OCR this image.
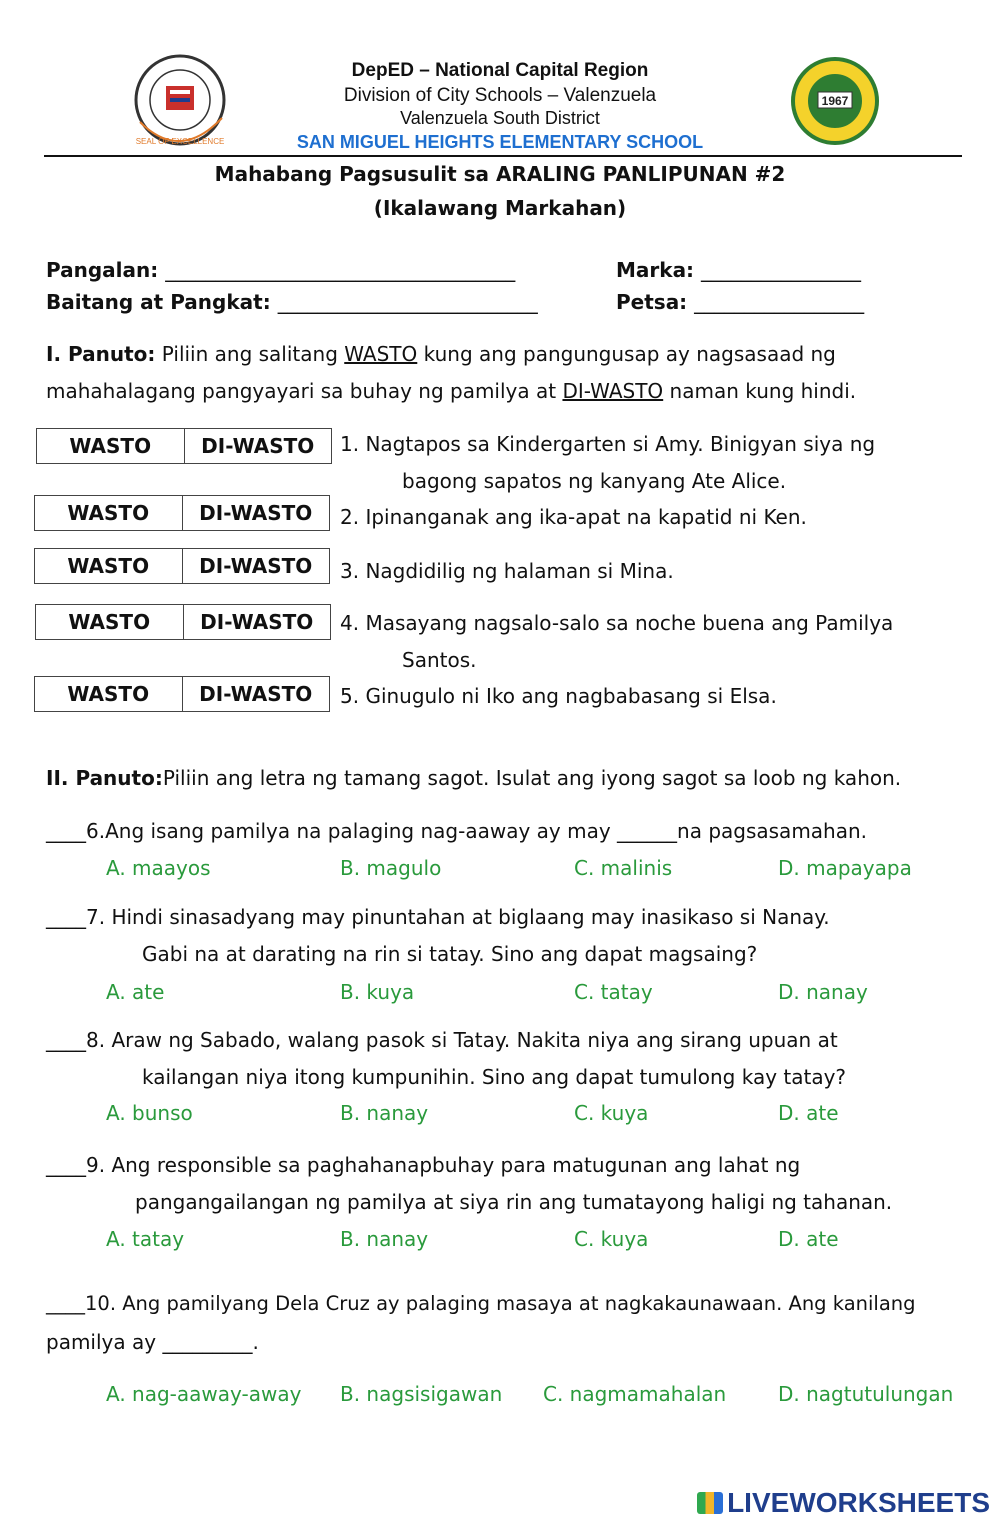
SEAL OF EXCELLENCE
1967
DepED – National Capital Region
Division of City Schools – Valenzuela
Valenzuela South District
SAN MIGUEL HEIGHTS ELEMENTARY SCHOOL
Mahabang Pagsusulit sa ARALING PANLIPUNAN #2
(Ikalawang Markahan)
Pangalan: ___________________________________	Marka: ________________
Baitang at Pangkat: __________________________	Petsa: _________________
I. Panuto: Piliin ang salitang WASTO kung ang pangungusap ay nagsasaad ng
mahahalagang pangyayari sa buhay ng pamilya at DI-WASTO naman kung hindi.
WASTO	DI-WASTO	1. Nagtapos sa Kindergarten si Amy. Binigyan siya ng
bagong sapatos ng kanyang Ate Alice.
WASTO	DI-WASTO	2. Ipinanganak ang ika-apat na kapatid ni Ken.
WASTO	DI-WASTO	3. Nagdidilig ng halaman si Mina.
WASTO	DI-WASTO	4. Masayang nagsalo-salo sa noche buena ang Pamilya
Santos.
WASTO	DI-WASTO	5. Ginugulo ni Iko ang nagbabasang si Elsa.
II. Panuto:Piliin ang letra ng tamang sagot. Isulat ang iyong sagot sa loob ng kahon.
____6.Ang isang pamilya na palaging nag-aaway ay may ______na pagsasamahan.
A. maayos	B. magulo	C. malinis	D. mapayapa
____7. Hindi sinasadyang may pinuntahan at biglaang may inasikaso si Nanay.
Gabi na at darating na rin si tatay. Sino ang dapat magsaing?
A. ate	B. kuya	C. tatay	D. nanay
____8. Araw ng Sabado, walang pasok si Tatay. Nakita niya ang sirang upuan at
kailangan niya itong kumpunihin. Sino ang dapat tumulong kay tatay?
A. bunso	B. nanay	C. kuya	D. ate
____9. Ang responsible sa paghahanapbuhay para matugunan ang lahat ng
pangangailangan ng pamilya at siya rin ang tumatayong haligi ng tahanan.
A. tatay	B. nanay	C. kuya	D. ate
____10. Ang pamilyang Dela Cruz ay palaging masaya at nagkakaunawaan. Ang kanilang
pamilya ay _________.
A. nag-aaway-away B. nagsisigawan C. nagmamahalan	D. nagtutulungan
LIVEWORKSHEETS
